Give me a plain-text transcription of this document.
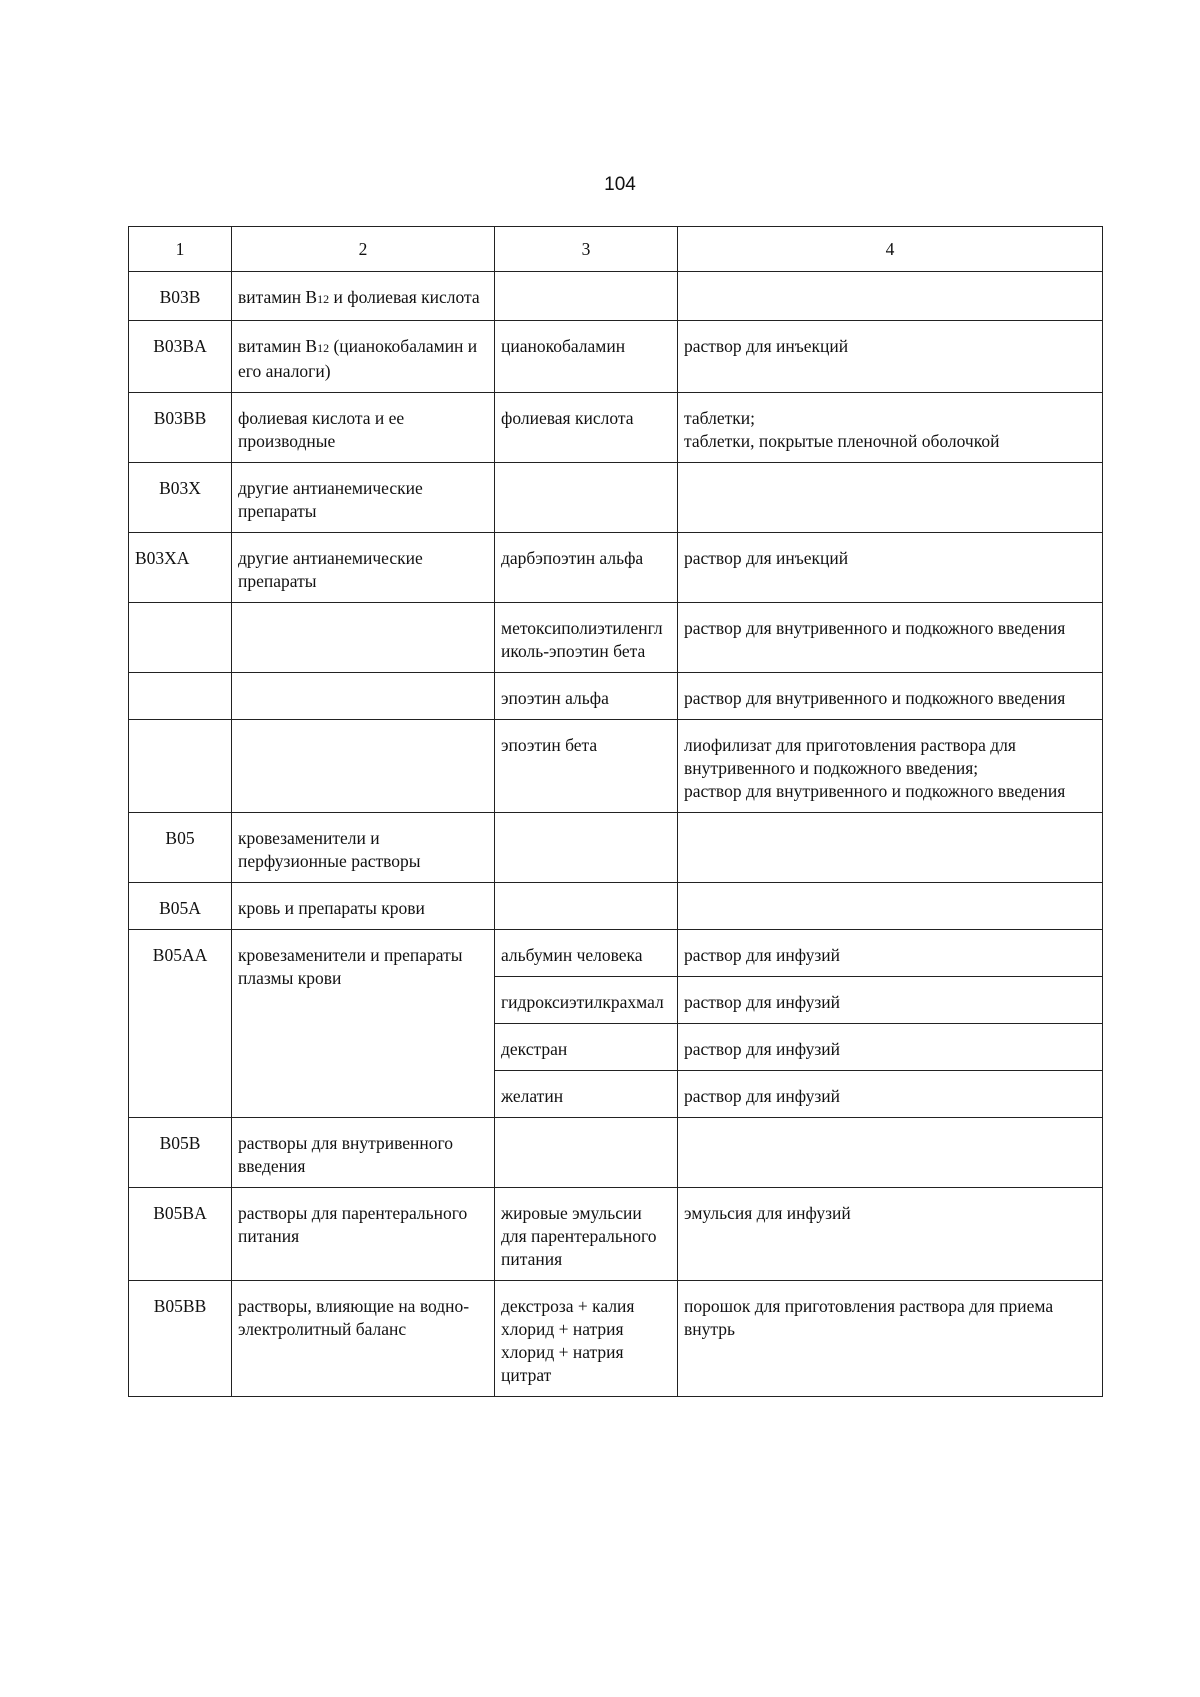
104
1	2	3	4
B03B	витамин В12 и фолиевая кислота		
B03BA	витамин В12 (цианокобаламин и его аналоги)	цианокобаламин	раствор для инъекций

B03BB	фолиевая кислота и ее производные	фолиевая кислота	таблетки;
таблетки, покрытые пленочной оболочкой

B03X	другие антианемические препараты		
B03XA	другие антианемические препараты	дарбэпоэтин альфа	раствор для инъекций

		метоксиполиэтиленгликоль-эпоэтин бета	раствор для внутривенного и подкожного введения

		эпоэтин альфа	раствор для внутривенного и подкожного введения

		эпоэтин бета	лиофилизат для приготовления раствора для внутривенного и подкожного введения;
раствор для внутривенного и подкожного введения

B05	кровезаменители и перфузионные растворы		
B05A	кровь и препараты крови		
B05AA	кровезаменители и препараты плазмы крови	альбумин человека	раствор для инфузий

		гидроксиэтилкрахмал	раствор для инфузий

		декстран	раствор для инфузий

		желатин	раствор для инфузий

B05B	растворы для внутривенного введения		
B05BA	растворы для парентерального питания	жировые эмульсии для парентерального питания	эмульсия для инфузий

B05BB	растворы, влияющие на водно-электролитный баланс	декстроза + калия хлорид + натрия хлорид + натрия цитрат	порошок для приготовления раствора для приема внутрь
